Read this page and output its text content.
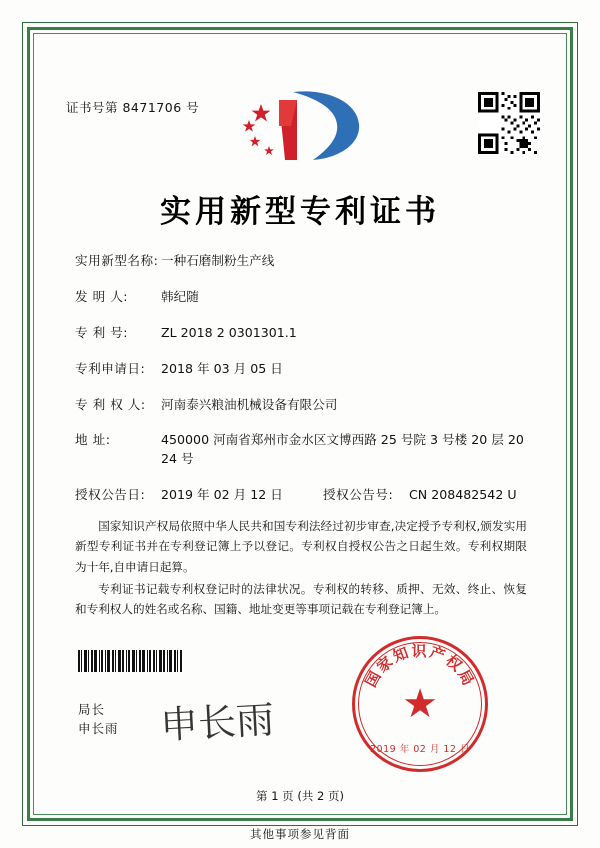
证书号第 8471706 号
实用新型专利证书
实用新型名称: 一种石磨制粉生产线
发 明 人:	韩纪随
专 利 号:	ZL 2018 2 0301301.1
专利申请日:	2018 年 03 月 05 日
专 利 权 人:	河南泰兴粮油机械设备有限公司
地 址:	450000 河南省郑州市金水区文博西路 25 号院 3 号楼 20 层 2024 号
授权公告日:	2019 年 02 月 12 日	授权公告号:	CN 208482542 U

国家知识产权局依照中华人民共和国专利法经过初步审查,决定授予专利权,颁发实用新型专利证书并在专利登记簿上予以登记。专利权自授权公告之日起生效。专利权期限为十年,自申请日起算。

专利证书记载专利权登记时的法律状况。专利权的转移、质押、无效、终止、恢复和专利权人的姓名或名称、国籍、地址变更等事项记载在专利登记簿上。

局长
申长雨 申长雨
国家知识产权局
★
2019 年 02 月 12 日
第 1 页 (共 2 页)
其他事项参见背面
